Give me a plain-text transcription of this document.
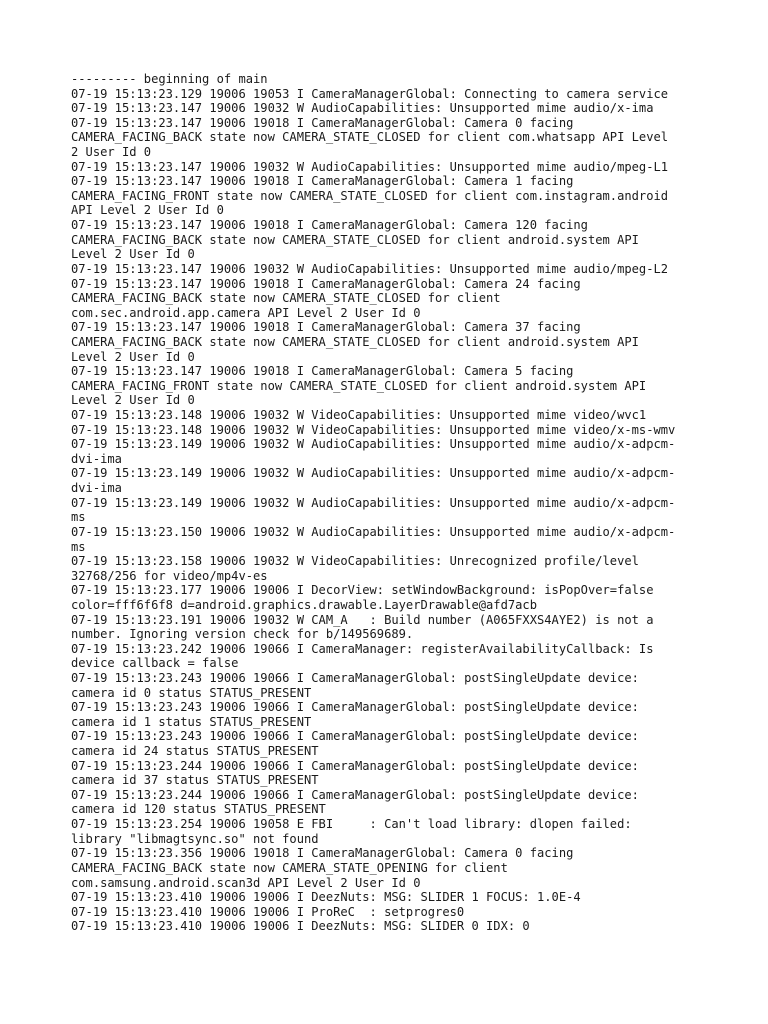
--------- beginning of main
07-19 15:13:23.129 19006 19053 I CameraManagerGlobal: Connecting to camera service
07-19 15:13:23.147 19006 19032 W AudioCapabilities: Unsupported mime audio/x-ima
07-19 15:13:23.147 19006 19018 I CameraManagerGlobal: Camera 0 facing
CAMERA_FACING_BACK state now CAMERA_STATE_CLOSED for client com.whatsapp API Level
2 User Id 0
07-19 15:13:23.147 19006 19032 W AudioCapabilities: Unsupported mime audio/mpeg-L1
07-19 15:13:23.147 19006 19018 I CameraManagerGlobal: Camera 1 facing
CAMERA_FACING_FRONT state now CAMERA_STATE_CLOSED for client com.instagram.android
API Level 2 User Id 0
07-19 15:13:23.147 19006 19018 I CameraManagerGlobal: Camera 120 facing
CAMERA_FACING_BACK state now CAMERA_STATE_CLOSED for client android.system API
Level 2 User Id 0
07-19 15:13:23.147 19006 19032 W AudioCapabilities: Unsupported mime audio/mpeg-L2
07-19 15:13:23.147 19006 19018 I CameraManagerGlobal: Camera 24 facing
CAMERA_FACING_BACK state now CAMERA_STATE_CLOSED for client
com.sec.android.app.camera API Level 2 User Id 0
07-19 15:13:23.147 19006 19018 I CameraManagerGlobal: Camera 37 facing
CAMERA_FACING_BACK state now CAMERA_STATE_CLOSED for client android.system API
Level 2 User Id 0
07-19 15:13:23.147 19006 19018 I CameraManagerGlobal: Camera 5 facing
CAMERA_FACING_FRONT state now CAMERA_STATE_CLOSED for client android.system API
Level 2 User Id 0
07-19 15:13:23.148 19006 19032 W VideoCapabilities: Unsupported mime video/wvc1
07-19 15:13:23.148 19006 19032 W VideoCapabilities: Unsupported mime video/x-ms-wmv
07-19 15:13:23.149 19006 19032 W AudioCapabilities: Unsupported mime audio/x-adpcm-
dvi-ima
07-19 15:13:23.149 19006 19032 W AudioCapabilities: Unsupported mime audio/x-adpcm-
dvi-ima
07-19 15:13:23.149 19006 19032 W AudioCapabilities: Unsupported mime audio/x-adpcm-
ms
07-19 15:13:23.150 19006 19032 W AudioCapabilities: Unsupported mime audio/x-adpcm-
ms
07-19 15:13:23.158 19006 19032 W VideoCapabilities: Unrecognized profile/level
32768/256 for video/mp4v-es
07-19 15:13:23.177 19006 19006 I DecorView: setWindowBackground: isPopOver=false
color=fff6f6f8 d=android.graphics.drawable.LayerDrawable@afd7acb
07-19 15:13:23.191 19006 19032 W CAM_A   : Build number (A065FXXS4AYE2) is not a
number. Ignoring version check for b/149569689.
07-19 15:13:23.242 19006 19066 I CameraManager: registerAvailabilityCallback: Is
device callback = false
07-19 15:13:23.243 19006 19066 I CameraManagerGlobal: postSingleUpdate device:
camera id 0 status STATUS_PRESENT
07-19 15:13:23.243 19006 19066 I CameraManagerGlobal: postSingleUpdate device:
camera id 1 status STATUS_PRESENT
07-19 15:13:23.243 19006 19066 I CameraManagerGlobal: postSingleUpdate device:
camera id 24 status STATUS_PRESENT
07-19 15:13:23.244 19006 19066 I CameraManagerGlobal: postSingleUpdate device:
camera id 37 status STATUS_PRESENT
07-19 15:13:23.244 19006 19066 I CameraManagerGlobal: postSingleUpdate device:
camera id 120 status STATUS_PRESENT
07-19 15:13:23.254 19006 19058 E FBI     : Can't load library: dlopen failed:
library "libmagtsync.so" not found
07-19 15:13:23.356 19006 19018 I CameraManagerGlobal: Camera 0 facing
CAMERA_FACING_BACK state now CAMERA_STATE_OPENING for client
com.samsung.android.scan3d API Level 2 User Id 0
07-19 15:13:23.410 19006 19006 I DeezNuts: MSG: SLIDER 1 FOCUS: 1.0E-4
07-19 15:13:23.410 19006 19006 I ProReC  : setprogres0
07-19 15:13:23.410 19006 19006 I DeezNuts: MSG: SLIDER 0 IDX: 0
